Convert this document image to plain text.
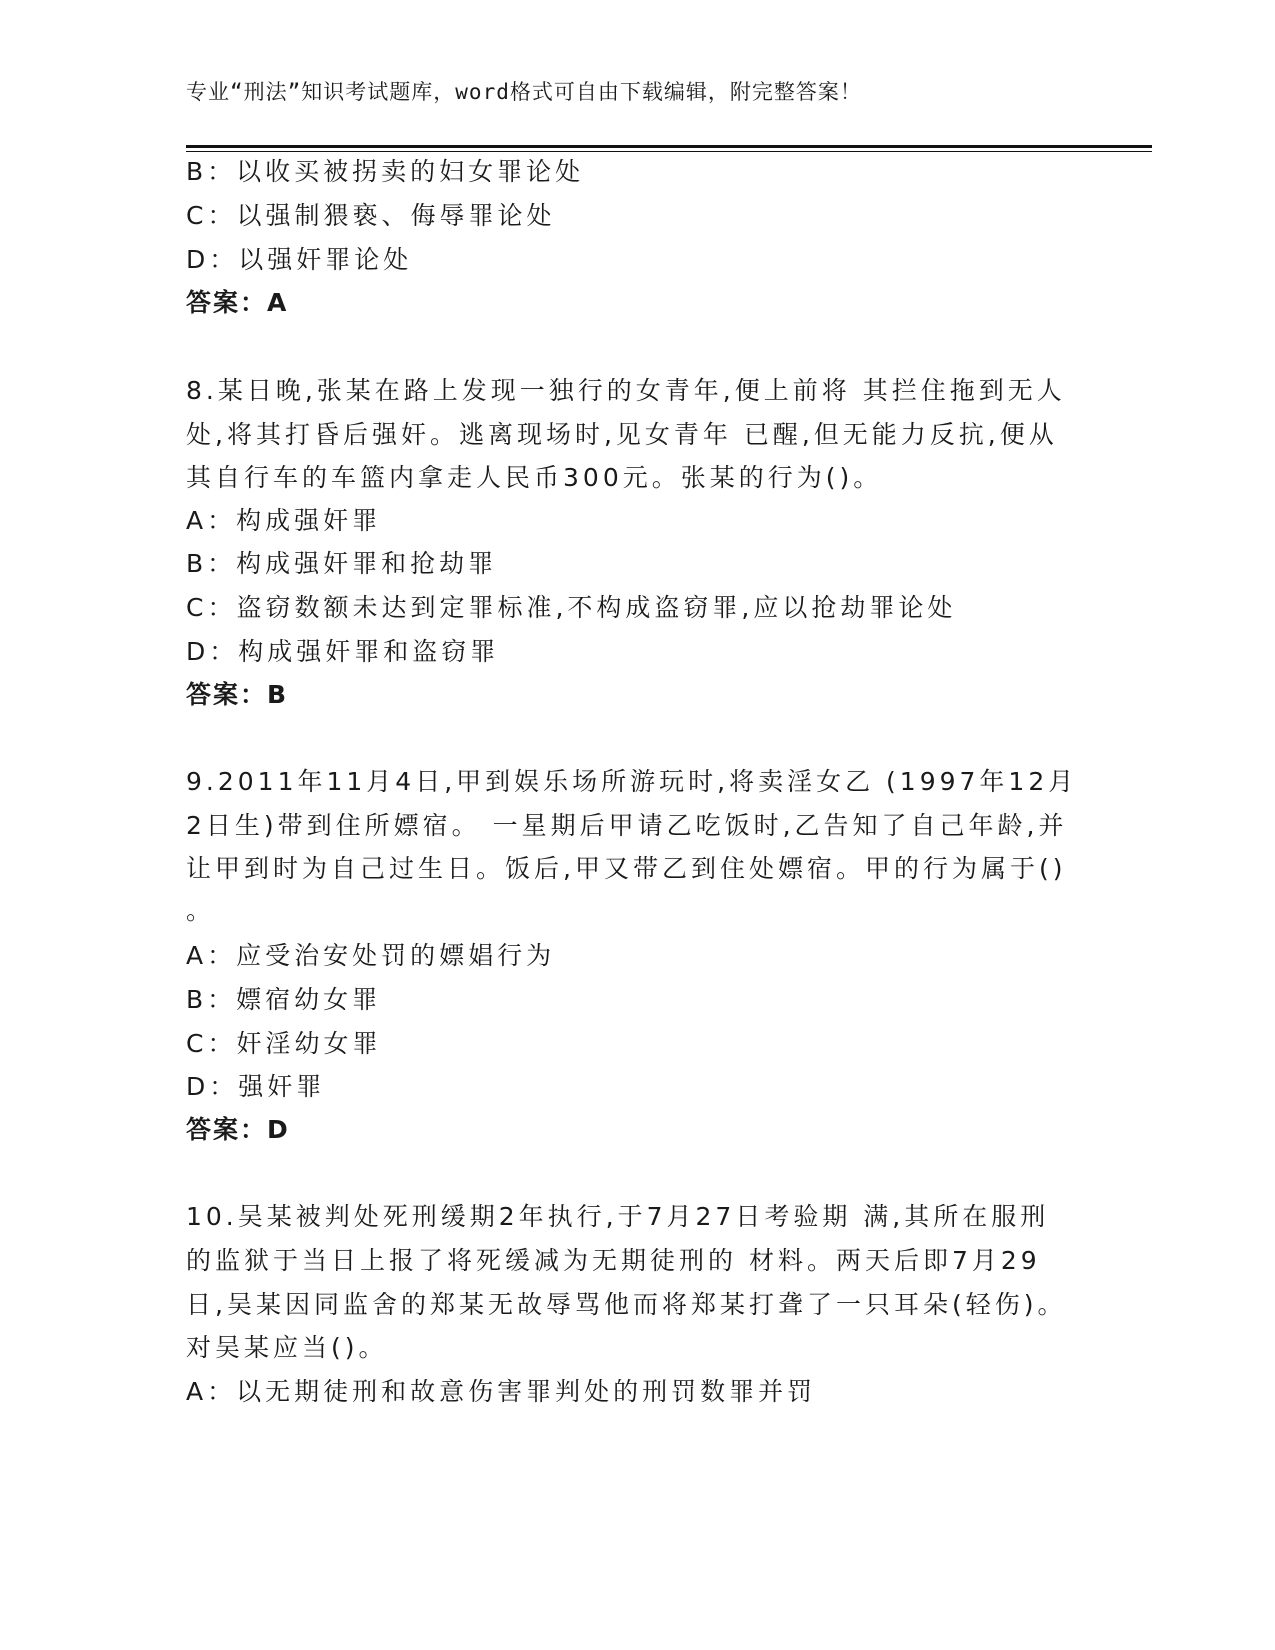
专业“刑法”知识考试题库，word格式可自由下载编辑，附完整答案！
B：以收买被拐卖的妇女罪论处
C：以强制猥亵、侮辱罪论处
D：以强奸罪论处
答案：A
8.某日晚,张某在路上发现一独行的女青年,便上前将 其拦住拖到无人
处,将其打昏后强奸。逃离现场时,见女青年 已醒,但无能力反抗,便从
其自行车的车篮内拿走人民币300元。张某的行为()。
A：构成强奸罪
B：构成强奸罪和抢劫罪
C：盗窃数额未达到定罪标准,不构成盗窃罪,应以抢劫罪论处
D：构成强奸罪和盗窃罪
答案：B
9.2011年11月4日,甲到娱乐场所游玩时,将卖淫女乙 (1997年12月
2日生)带到住所嫖宿。 一星期后甲请乙吃饭时,乙告知了自己年龄,并
让甲到时为自己过生日。饭后,甲又带乙到住处嫖宿。甲的行为属于()
。
A：应受治安处罚的嫖娼行为
B：嫖宿幼女罪
C：奸淫幼女罪
D：强奸罪
答案：D
10.吴某被判处死刑缓期2年执行,于7月27日考验期 满,其所在服刑
的监狱于当日上报了将死缓减为无期徒刑的 材料。两天后即7月29
日,吴某因同监舍的郑某无故辱骂他而将郑某打聋了一只耳朵(轻伤)。
对吴某应当()。
A：以无期徒刑和故意伤害罪判处的刑罚数罪并罚
